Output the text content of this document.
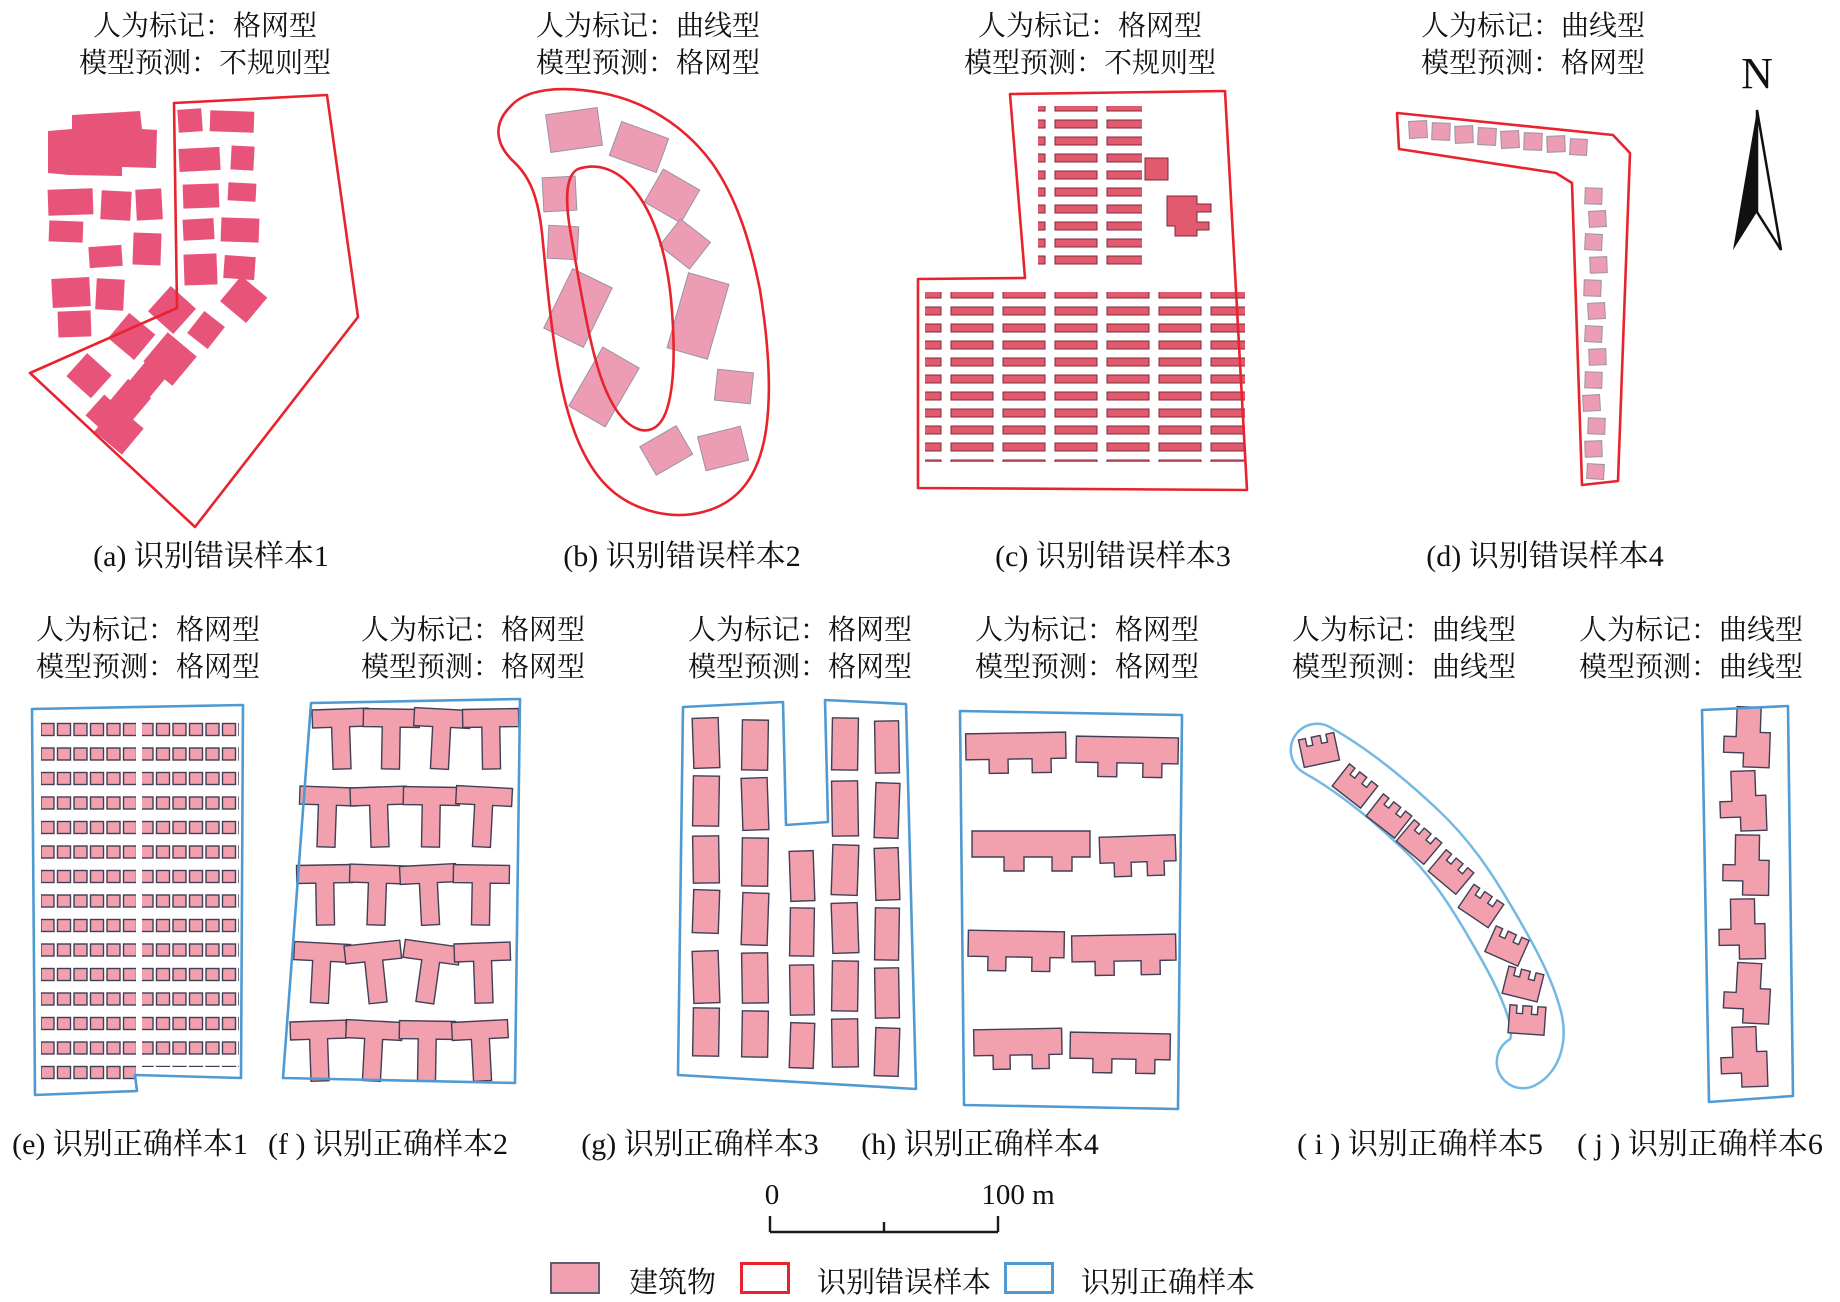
人为标记：格网型
模型预测：不规则型
人为标记：曲线型
模型预测：格网型
人为标记：格网型
模型预测：不规则型
人为标记：曲线型
模型预测：格网型	N
(a) 识别错误样本1	(b) 识别错误样本2	(c) 识别错误样本3	(d) 识别错误样本4
人为标记：格网型
模型预测：格网型
人为标记：格网型
模型预测：格网型
人为标记：格网型
模型预测：格网型
人为标记：格网型
模型预测：格网型
人为标记：曲线型
模型预测：曲线型
人为标记：曲线型
模型预测：曲线型
(e) 识别正确样本1 (f ) 识别正确样本2	(g) 识别正确样本3	(h) 识别正确样本4	( i ) 识别正确样本5	( j ) 识别正确样本6
0	100 m
建筑物	识别错误样本	识别正确样本
